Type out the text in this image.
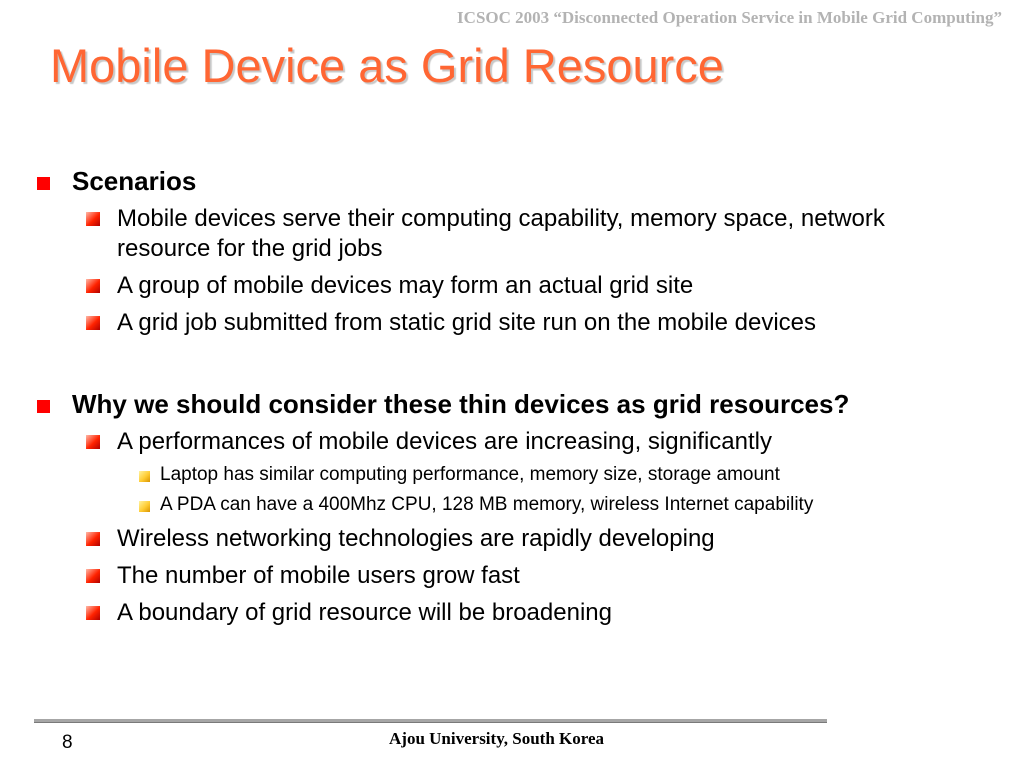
ICSOC 2003 “Disconnected Operation Service in Mobile Grid Computing”
Mobile Device as Grid Resource
Scenarios
Mobile devices serve their computing capability, memory space, network resource for the grid jobs
A group of mobile devices may form an actual grid site
A grid job submitted from static grid site run on the mobile devices
Why we should consider these thin devices as grid resources?
A performances of mobile devices are increasing, significantly
Laptop has similar computing performance, memory size, storage amount
A PDA can have a 400Mhz CPU, 128 MB memory, wireless Internet capability
Wireless networking technologies are rapidly developing
The number of mobile users grow fast
A boundary of grid resource will be broadening
8	Ajou University, South Korea
